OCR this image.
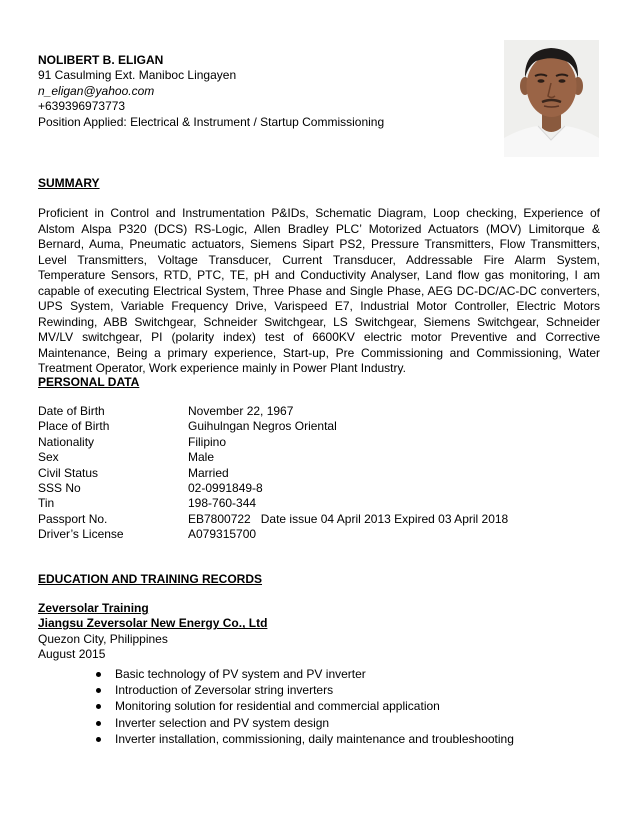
NOLIBERT B. ELIGAN
91 Casulming Ext. Maniboc Lingayen
n_eligan@yahoo.com
+639396973773
Position Applied: Electrical & Instrument / Startup Commissioning
SUMMARY
Proficient in Control and Instrumentation P&IDs, Schematic Diagram, Loop checking, Experience of Alstom Alspa P320 (DCS) RS-Logic, Allen Bradley PLC’ Motorized Actuators (MOV) Limitorque & Bernard, Auma, Pneumatic actuators, Siemens Sipart PS2, Pressure Transmitters, Flow Transmitters, Level Transmitters, Voltage Transducer, Current Transducer, Addressable Fire Alarm System, Temperature Sensors, RTD, PTC, TE, pH and Conductivity Analyser, Land flow gas monitoring, I am capable of executing Electrical System, Three Phase and Single Phase, AEG DC-DC/AC-DC converters, UPS System, Variable Frequency Drive, Varispeed E7, Industrial Motor Controller, Electric Motors Rewinding, ABB Switchgear, Schneider Switchgear, LS Switchgear, Siemens Switchgear, Schneider MV/LV switchgear, PI (polarity index) test of 6600KV electric motor Preventive and Corrective Maintenance, Being a primary experience, Start-up, Pre Commissioning and Commissioning, Water Treatment Operator, Work experience mainly in Power Plant Industry.
PERSONAL DATA
Date of Birth	November 22, 1967
Place of Birth	Guihulngan Negros Oriental
Nationality	Filipino
Sex	Male
Civil Status	Married
SSS No	02-0991849-8
Tin	198-760-344
Passport No.	EB7800722   Date issue 04 April 2013 Expired 03 April 2018
Driver’s License	A079315700
EDUCATION AND TRAINING RECORDS
Zeversolar Training
Jiangsu Zeversolar New Energy Co., Ltd
Quezon City, Philippines
August 2015
Basic technology of PV system and PV inverter
Introduction of Zeversolar string inverters
Monitoring solution for residential and commercial application
Inverter selection and PV system design
Inverter installation, commissioning, daily maintenance and troubleshooting
